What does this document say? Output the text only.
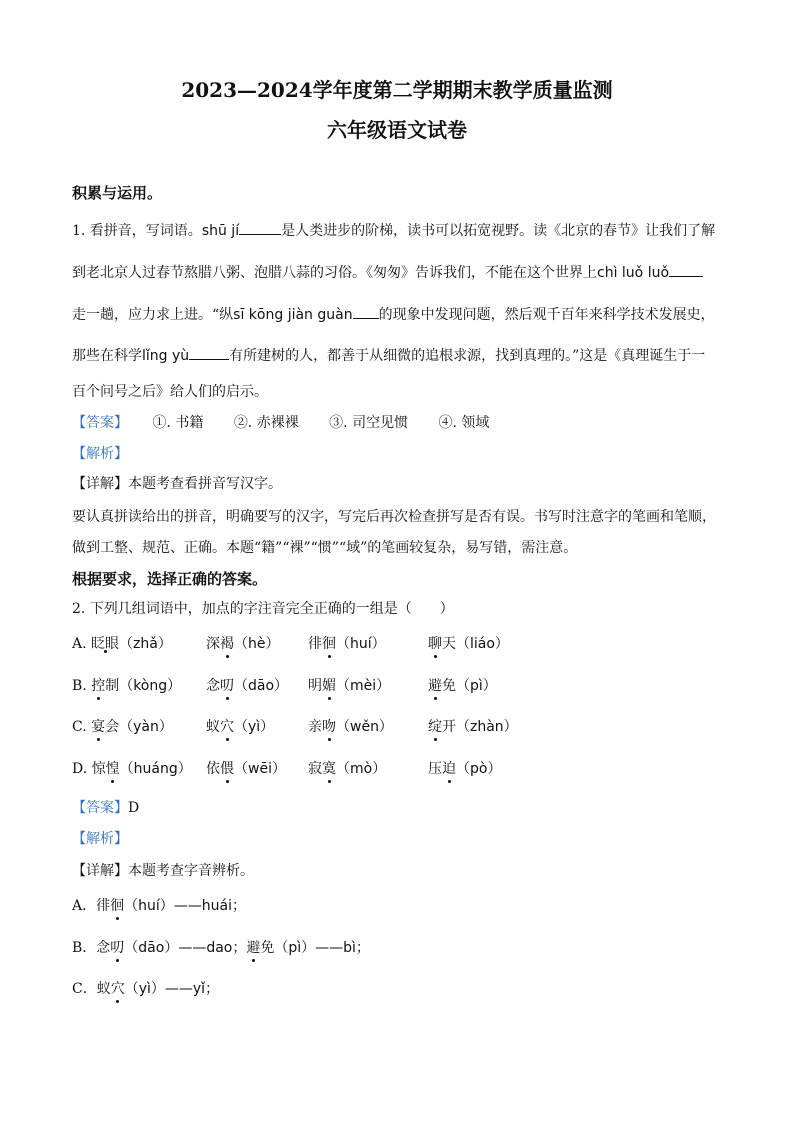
2023—2024学年度第二学期期末教学质量监测
六年级语文试卷
积累与运用。
1. 看拼音，写词语。shū jí	是人类进步的阶梯，读书可以拓宽视野。读《北京的春节》让我们了解
到老北京人过春节熬腊八粥、泡腊八蒜的习俗。《匆匆》告诉我们，不能在这个世界上chì luǒ luǒ
走一趟，应力求上进。“纵sī kōng jiàn guàn 的现象中发现问题，然后观千百年来科学技术发展史，
那些在科学lǐng yù	有所建树的人，都善于从细微的追根求源，找到真理的。”这是《真理诞生于一
百个问号之后》给人们的启示。
【答案】 ①. 书籍 ②. 赤裸裸 ③. 司空见惯 ④. 领域
【解析】
【详解】本题考查看拼音写汉字。
要认真拼读给出的拼音，明确要写的汉字，写完后再次检查拼写是否有误。书写时注意字的笔画和笔顺，
做到工整、规范、正确。本题“籍”“裸”“惯”“域”的笔画较复杂，易写错，需注意。
根据要求，选择正确的答案。
2. 下列几组词语中，加点的字注音完全正确的一组是（　　）
A. 眨眼（zhǎ） 深褐（hè） 徘徊（huí）	聊天（liáo）
B. 控制（kòng） 念叨（dāo） 明媚（mèi）	避免（pì）
C. 宴会（yàn） 蚁穴（yì） 亲吻（wěn）	绽开（zhàn）
D. 惊惶（huáng） 依偎（wēi） 寂寞（mò）	压迫（pò）
【答案】D
【解析】
【详解】本题考查字音辨析。
A．徘徊（huí）——huái；
B．念叨（dāo）——dao；避免（pì）——bì；
C．蚁穴（yì）——yǐ；
